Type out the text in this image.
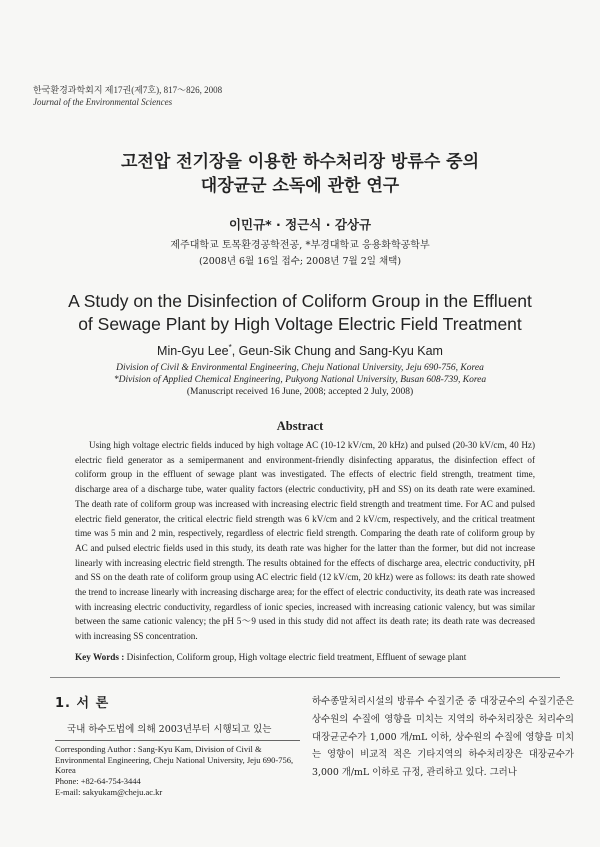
한국환경과학회지 제17권(제7호), 817～826, 2008
Journal of the Environmental Sciences
고전압 전기장을 이용한 하수처리장 방류수 중의
대장균군 소독에 관한 연구
이민규* · 정근식 · 감상규
제주대학교 토목환경공학전공, *부경대학교 응용화학공학부
(2008년 6월 16일 접수; 2008년 7월 2일 채택)
A Study on the Disinfection of Coliform Group in the Effluent
of Sewage Plant by High Voltage Electric Field Treatment
Min-Gyu Lee*, Geun-Sik Chung and Sang-Kyu Kam
Division of Civil & Environmental Engineering, Cheju National University, Jeju 690-756, Korea
*Division of Applied Chemical Engineering, Pukyong National University, Busan 608-739, Korea
(Manuscript received 16 June, 2008; accepted 2 July, 2008)
Abstract

Using high voltage electric fields induced by high voltage AC (10-12 kV/cm, 20 kHz) and pulsed (20-30 kV/cm, 40 Hz) electric field generator as a semipermanent and environment-friendly disinfecting apparatus, the disinfection effect of coliform group in the effluent of sewage plant was investigated. The effects of electric field strength, treatment time, discharge area of a discharge tube, water quality factors (electric conductivity, pH and SS) on its death rate were examined. The death rate of coliform group was increased with increasing electric field strength and treatment time. For AC and pulsed electric field generator, the critical electric field strength was 6 kV/cm and 2 kV/cm, respectively, and the critical treatment time was 5 min and 2 min, respectively, regardless of electric field strength. Comparing the death rate of coliform group by AC and pulsed electric fields used in this study, its death rate was higher for the latter than the former, but did not increase linearly with increasing electric field strength. The results obtained for the effects of discharge area, electric conductivity, pH and SS on the death rate of coliform group using AC electric field (12 kV/cm, 20 kHz) were as follows: its death rate showed the trend to increase linearly with increasing discharge area; for the effect of electric conductivity, its death rate was increased with increasing electric conductivity, regardless of ionic species, increased with increasing cationic valency, but was similar between the same cationic valency; the pH 5～9 used in this study did not affect its death rate; its death rate was decreased with increasing SS concentration.

Key Words : Disinfection, Coliform group, High voltage electric field treatment, Effluent of sewage plant
1. 서 론
국내 하수도법에 의해 2003년부터 시행되고 있는
Corresponding Author : Sang-Kyu Kam, Division of Civil & Environmental Engineering, Cheju National University, Jeju 690-756, Korea
Phone: +82-64-754-3444
E-mail: sakyukam@cheju.ac.kr
하수종말처리시설의 방류수 수질기준 중 대장균수의 수질기준은 상수원의 수질에 영향을 미치는 지역의 하수처리장은 처리수의 대장균군수가 1,000 개/mL 이하, 상수원의 수질에 영향을 미치는 영향이 비교적 적은 기타지역의 하수처리장은 대장균수가 3,000 개/mL 이하로 규정, 관리하고 있다. 그러나
